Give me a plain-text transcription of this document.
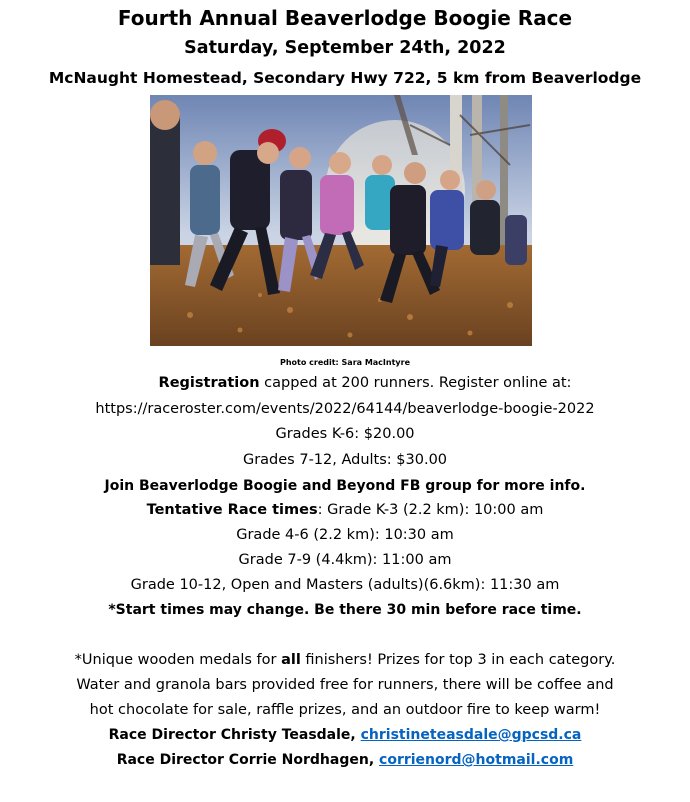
Fourth Annual Beaverlodge Boogie Race
Saturday, September 24th, 2022
McNaught Homestead, Secondary Hwy 722, 5 km from Beaverlodge
Photo credit: Sara MacIntyre
Registration capped at 200 runners. Register online at:
https://raceroster.com/events/2022/64144/beaverlodge-boogie-2022
Grades K-6: $20.00
Grades 7-12, Adults: $30.00
Join Beaverlodge Boogie and Beyond FB group for more info.
Tentative Race times: Grade K-3 (2.2 km): 10:00 am
Grade 4-6 (2.2 km): 10:30 am
Grade 7-9 (4.4km): 11:00 am
Grade 10-12, Open and Masters (adults)(6.6km): 11:30 am
*Start times may change. Be there 30 min before race time.
*Unique wooden medals for all finishers! Prizes for top 3 in each category.
Water and granola bars provided free for runners, there will be coffee and
hot chocolate for sale, raffle prizes, and an outdoor fire to keep warm!
Race Director Christy Teasdale, christineteasdale@gpcsd.ca
Race Director Corrie Nordhagen, corrienord@hotmail.com
